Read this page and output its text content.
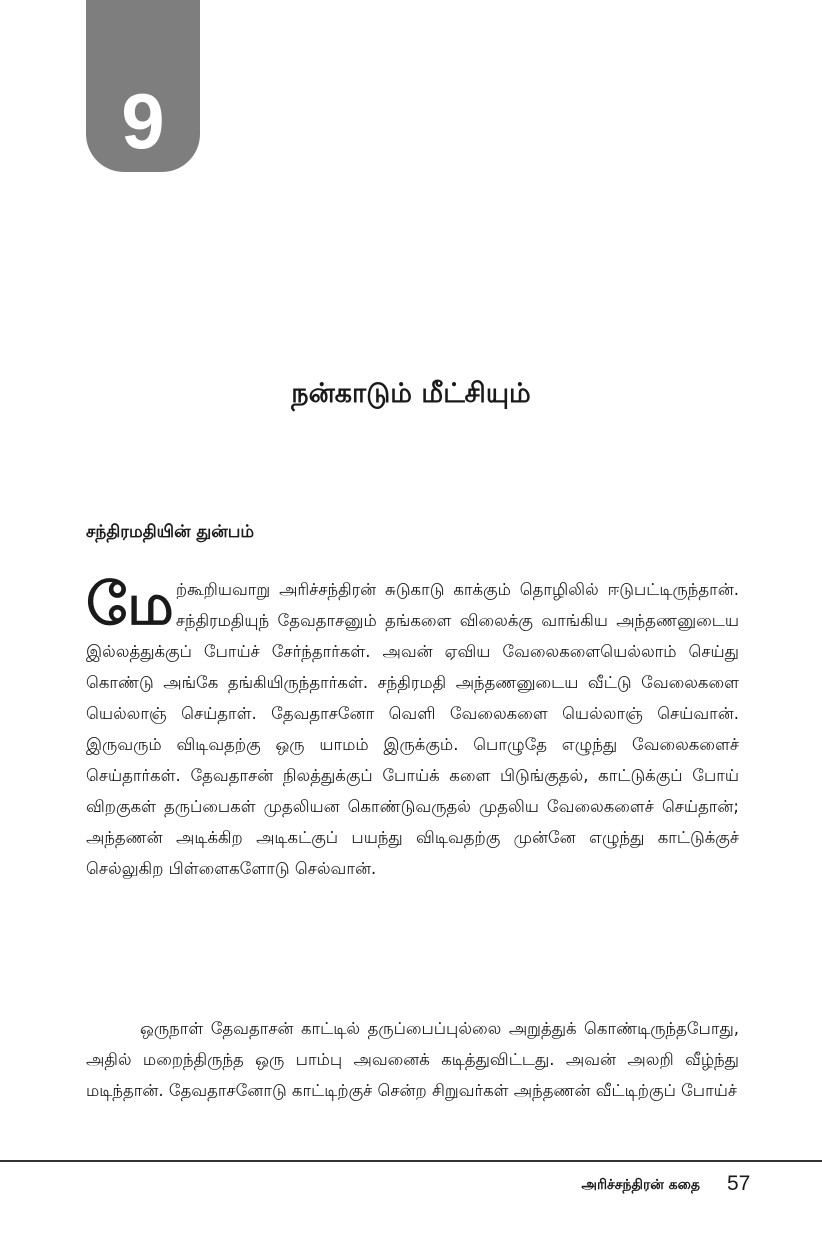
9
நன்காடும் மீட்சியும்
சந்திரமதியின் துன்பம்

மேற்கூறியவாறு அரிச்சந்திரன் சுடுகாடு காக்கும் தொழிலில் ஈடுபட்டிருந்தான். சந்திரமதியுந் தேவதாசனும் தங்களை விலைக்கு வாங்கிய அந்தணனுடைய இல்லத்துக்குப் போய்ச் சேர்ந்தார்கள். அவன் ஏவிய வேலைகளையெல்லாம் செய்து கொண்டு அங்கே தங்கியிருந்தார்கள். சந்திரமதி அந்தணனுடைய வீட்டு வேலைகளை யெல்லாஞ் செய்தாள். தேவதாசனோ வெளி வேலைகளை யெல்லாஞ் செய்வான். இருவரும் விடிவதற்கு ஒரு யாமம் இருக்கும். பொழுதே எழுந்து வேலைகளைச் செய்தார்கள். தேவதாசன் நிலத்துக்குப் போய்க் களை பிடுங்குதல், காட்டுக்குப் போய் விறகுகள் தருப்பைகள் முதலியன கொண்டுவருதல் முதலிய வேலைகளைச் செய்தான்; அந்தணன் அடிக்கிற அடிகட்குப் பயந்து விடிவதற்கு முன்னே எழுந்து காட்டுக்குச் செல்லுகிற பிள்ளைகளோடு செல்வான்.

ஒருநாள் தேவதாசன் காட்டில் தருப்பைப்புல்லை அறுத்துக் கொண்டிருந்தபோது, அதில் மறைந்திருந்த ஒரு பாம்பு அவனைக் கடித்துவிட்டது. அவன் அலறி வீழ்ந்து மடிந்தான். தேவதாசனோடு காட்டிற்குச் சென்ற சிறுவர்கள் அந்தணன் வீட்டிற்குப் போய்ச்

அரிச்சந்திரன் கதை 57
